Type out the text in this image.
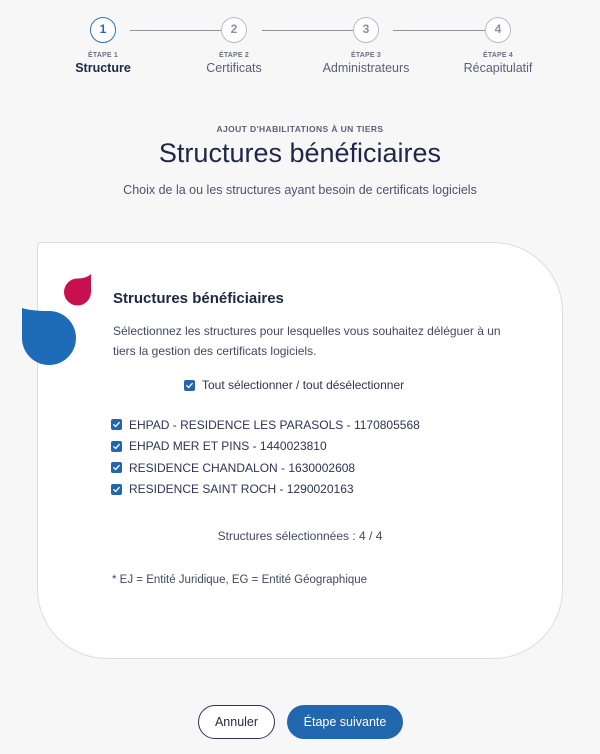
1
ÉTAPE 1
Structure
2
ÉTAPE 2
Certificats
3
ÉTAPE 3
Administrateurs
4
ÉTAPE 4
Récapitulatif
AJOUT D'HABILITATIONS À UN TIERS
Structures bénéficiaires
Choix de la ou les structures ayant besoin de certificats logiciels
Structures bénéficiaires

Sélectionnez les structures pour lesquelles vous souhaitez déléguer à un tiers la gestion des certificats logiciels.

Tout sélectionner / tout désélectionner
EHPAD - RESIDENCE LES PARASOLS - 1170805568
EHPAD MER ET PINS - 1440023810
RESIDENCE CHANDALON - 1630002608
RESIDENCE SAINT ROCH - 1290020163
Structures sélectionnées : 4 / 4
* EJ = Entité Juridique, EG = Entité Géographique
Annuler	Étape suivante
